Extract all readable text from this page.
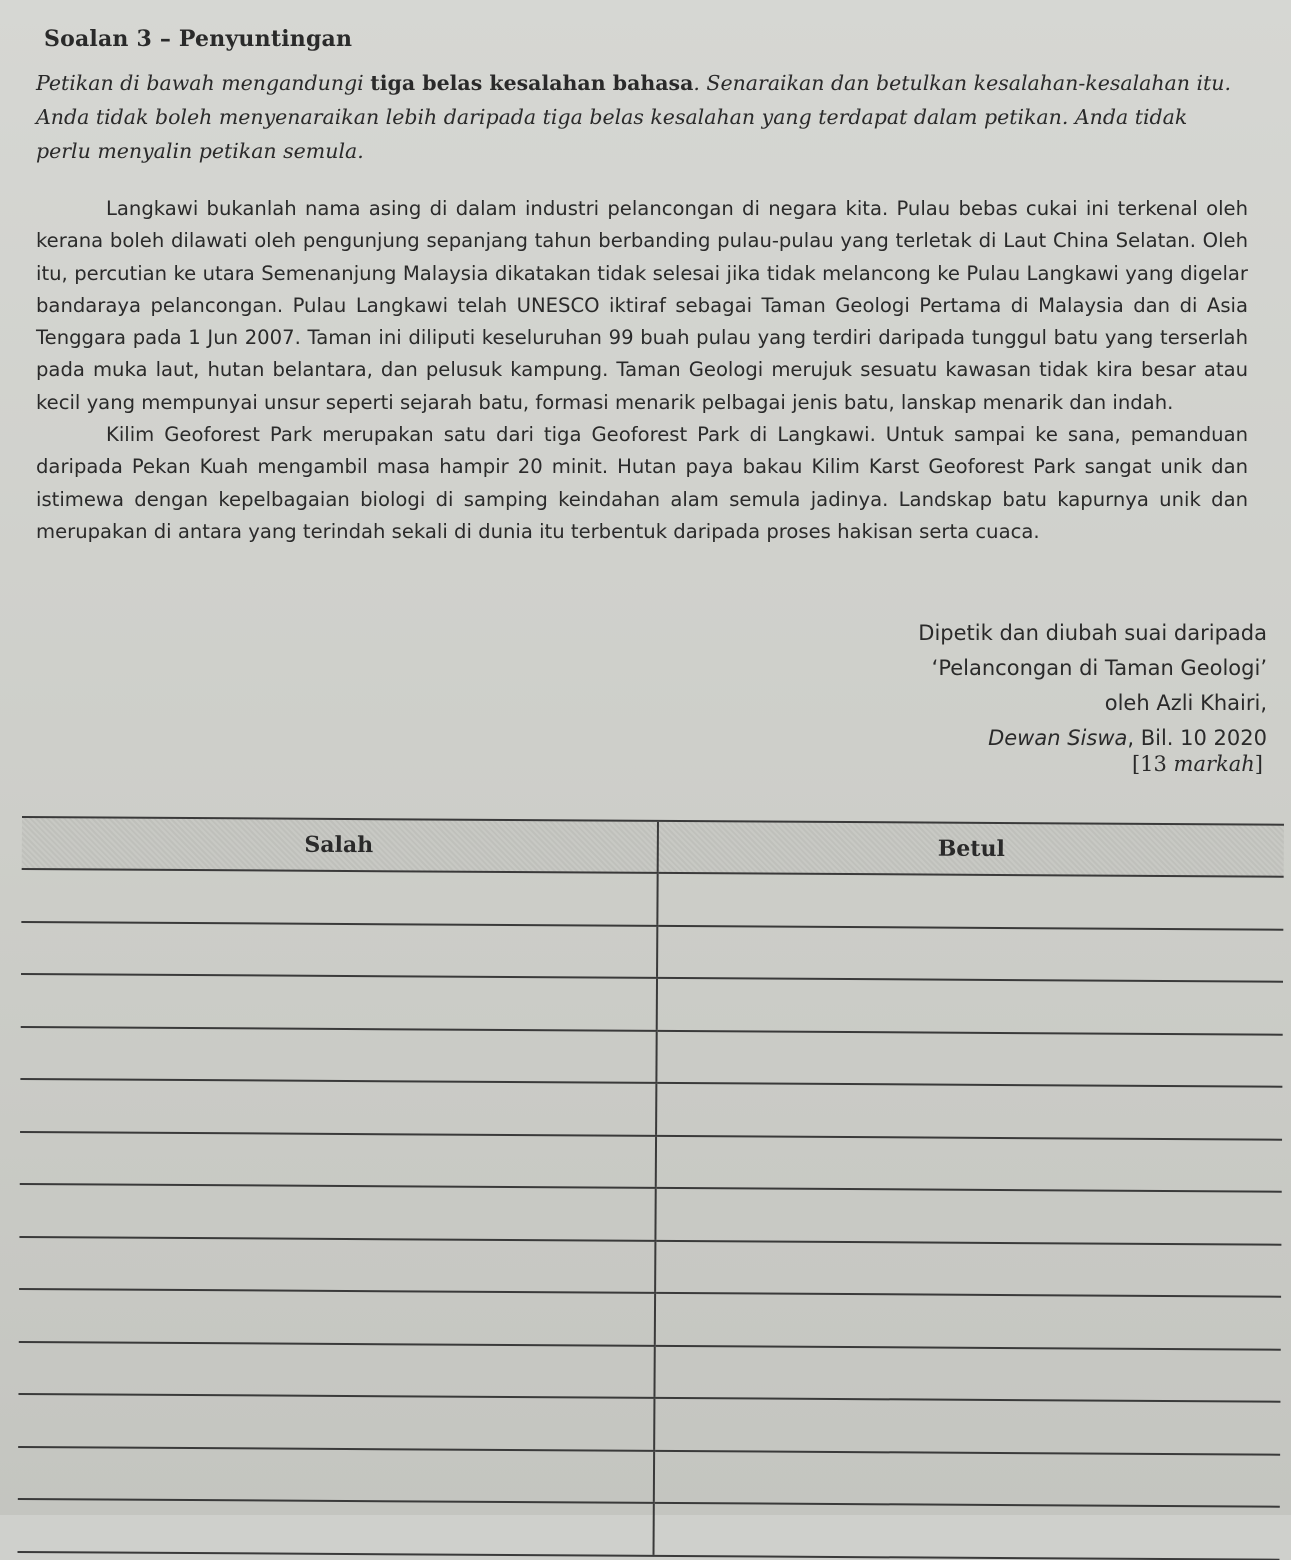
Soalan 3 – Penyuntingan
Petikan di bawah mengandungi tiga belas kesalahan bahasa. Senaraikan dan betulkan kesalahan-kesalahan itu. Anda tidak boleh menyenaraikan lebih daripada tiga belas kesalahan yang terdapat dalam petikan. Anda tidak perlu menyalin petikan semula.

Langkawi bukanlah nama asing di dalam industri pelancongan di negara kita. Pulau bebas cukai ini terkenal oleh kerana boleh dilawati oleh pengunjung sepanjang tahun berbanding pulau-pulau yang terletak di Laut China Selatan. Oleh itu, percutian ke utara Semenanjung Malaysia dikatakan tidak selesai jika tidak melancong ke Pulau Langkawi yang digelar bandaraya pelancongan. Pulau Langkawi telah UNESCO iktiraf sebagai Taman Geologi Pertama di Malaysia dan di Asia Tenggara pada 1 Jun 2007. Taman ini diliputi keseluruhan 99 buah pulau yang terdiri daripada tunggul batu yang terserlah pada muka laut, hutan belantara, dan pelusuk kampung. Taman Geologi merujuk sesuatu kawasan tidak kira besar atau kecil yang mempunyai unsur seperti sejarah batu, formasi menarik pelbagai jenis batu, lanskap menarik dan indah.

Kilim Geoforest Park merupakan satu dari tiga Geoforest Park di Langkawi. Untuk sampai ke sana, pemanduan daripada Pekan Kuah mengambil masa hampir 20 minit. Hutan paya bakau Kilim Karst Geoforest Park sangat unik dan istimewa dengan kepelbagaian biologi di samping keindahan alam semula jadinya. Landskap batu kapurnya unik dan merupakan di antara yang terindah sekali di dunia itu terbentuk daripada proses hakisan serta cuaca.

Dipetik dan diubah suai daripada
‘Pelancongan di Taman Geologi’
oleh Azli Khairi,
Dewan Siswa, Bil. 10 2020
[13 markah]
Salah	Betul
